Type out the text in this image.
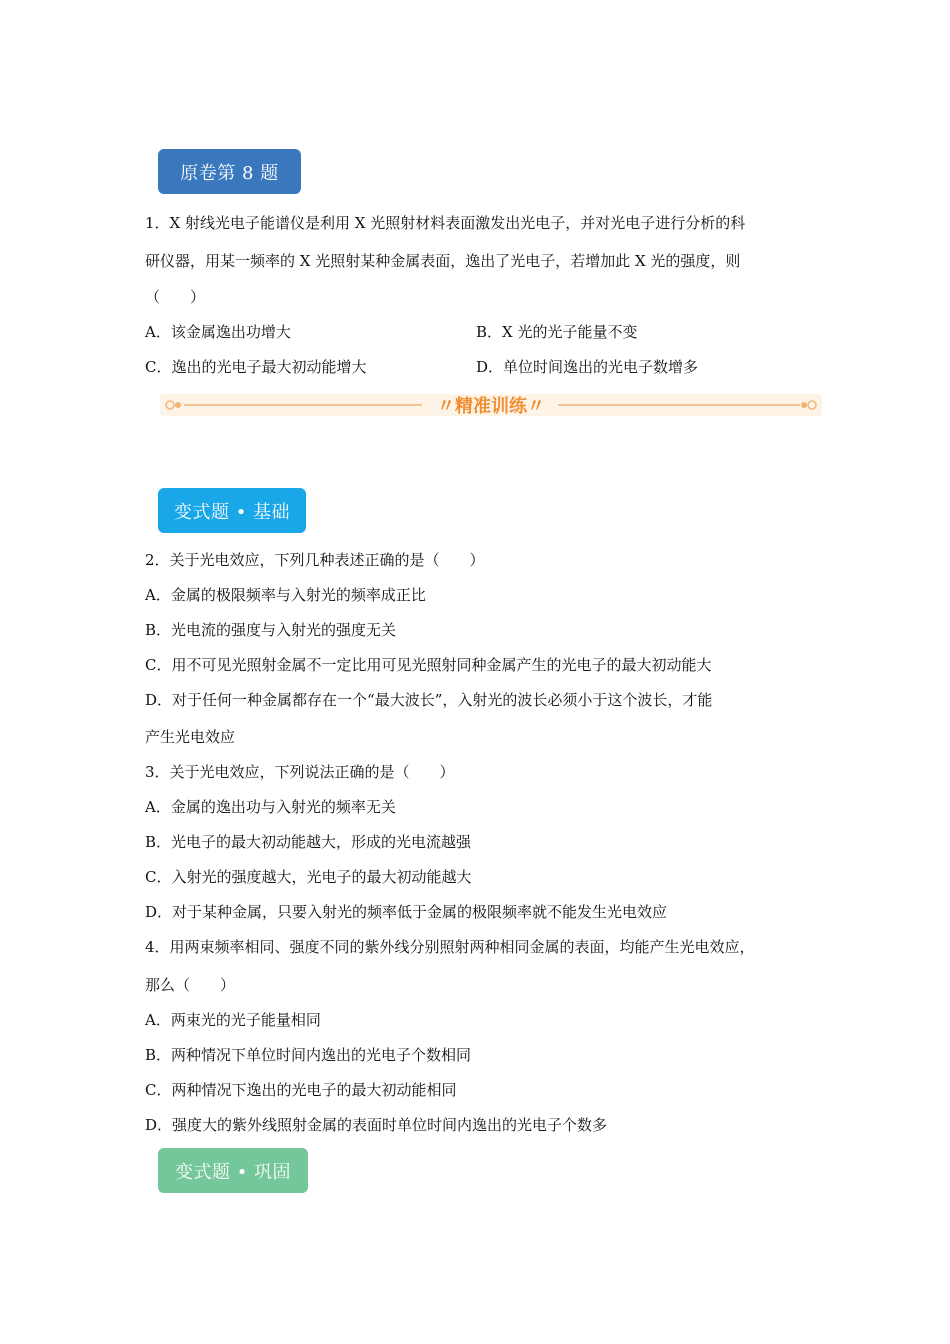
原卷第 8 题
1．X 射线光电子能谱仪是利用 X 光照射材料表面激发出光电子，并对光电子进行分析的科
研仪器，用某一频率的 X 光照射某种金属表面，逸出了光电子，若增加此 X 光的强度，则
（　　）
A．该金属逸出功增大	B．X 光的光子能量不变
C．逸出的光电子最大初动能增大	D．单位时间逸出的光电子数增多
〃精准训练〃
变式题 • 基础
2．关于光电效应，下列几种表述正确的是（　　）
A．金属的极限频率与入射光的频率成正比
B．光电流的强度与入射光的强度无关
C．用不可见光照射金属不一定比用可见光照射同种金属产生的光电子的最大初动能大
D．对于任何一种金属都存在一个“最大波长”，入射光的波长必须小于这个波长，才能
产生光电效应
3．关于光电效应，下列说法正确的是（　　）
A．金属的逸出功与入射光的频率无关
B．光电子的最大初动能越大，形成的光电流越强
C．入射光的强度越大，光电子的最大初动能越大
D．对于某种金属，只要入射光的频率低于金属的极限频率就不能发生光电效应
4．用两束频率相同、强度不同的紫外线分别照射两种相同金属的表面，均能产生光电效应，
那么（　　）
A．两束光的光子能量相同
B．两种情况下单位时间内逸出的光电子个数相同
C．两种情况下逸出的光电子的最大初动能相同
D．强度大的紫外线照射金属的表面时单位时间内逸出的光电子个数多
变式题 • 巩固
